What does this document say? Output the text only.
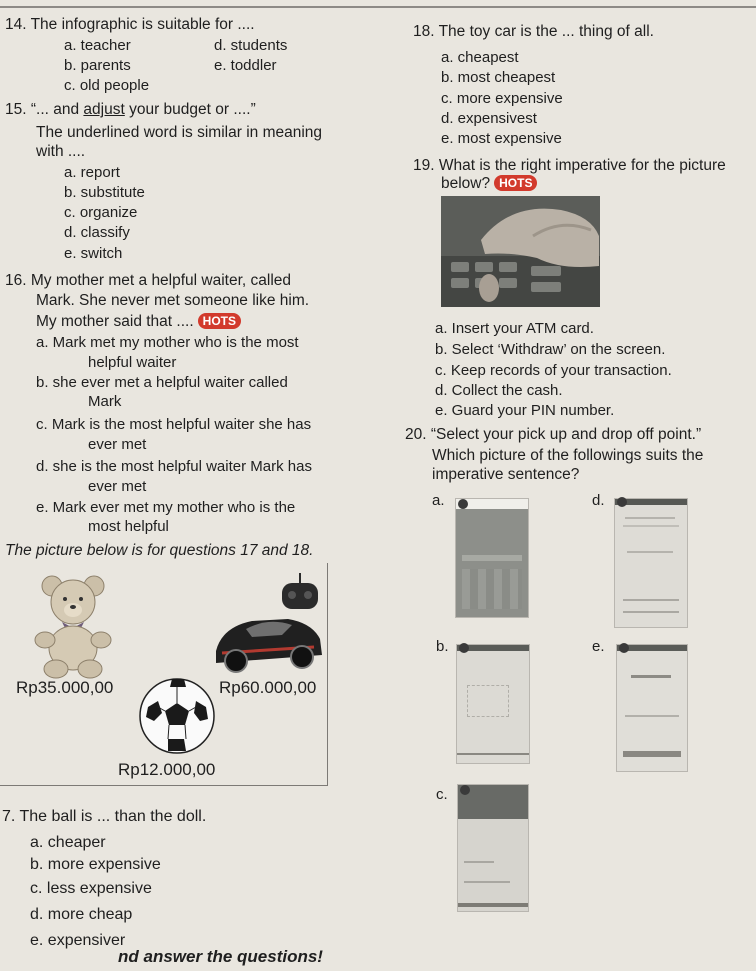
14. The infographic is suitable for ....
a. teacher	d. students
b. parents	e. toddler
c. old people
15. “... and adjust your budget or ....”
The underlined word is similar in meaning
with ....
a. report
b. substitute
c. organize
d. classify
e. switch
16. My mother met a helpful waiter, called
Mark. She never met someone like him.
My mother said that .... HOTS
a. Mark met my mother who is the most
helpful waiter
b. she ever met a helpful waiter called
Mark
c. Mark is the most helpful waiter she has
ever met
d. she is the most helpful waiter Mark has
ever met
e. Mark ever met my mother who is the
most helpful
The picture below is for questions 17 and 18.
Rp35.000,00	Rp60.000,00
Rp12.000,00
7. The ball is ... than the doll.
a. cheaper
b. more expensive
c. less expensive
d. more cheap
e. expensiver
nd answer the questions!
18. The toy car is the ... thing of all.
a. cheapest
b. most cheapest
c. more expensive
d. expensivest
e. most expensive
19. What is the right imperative for the picture
below? HOTS
a. Insert your ATM card.
b. Select ‘Withdraw’ on the screen.
c. Keep records of your transaction.
d. Collect the cash.
e. Guard your PIN number.
20. “Select your pick up and drop off point.”
Which picture of the followings suits the
imperative sentence?
a.	d.
b.	e.
c.
